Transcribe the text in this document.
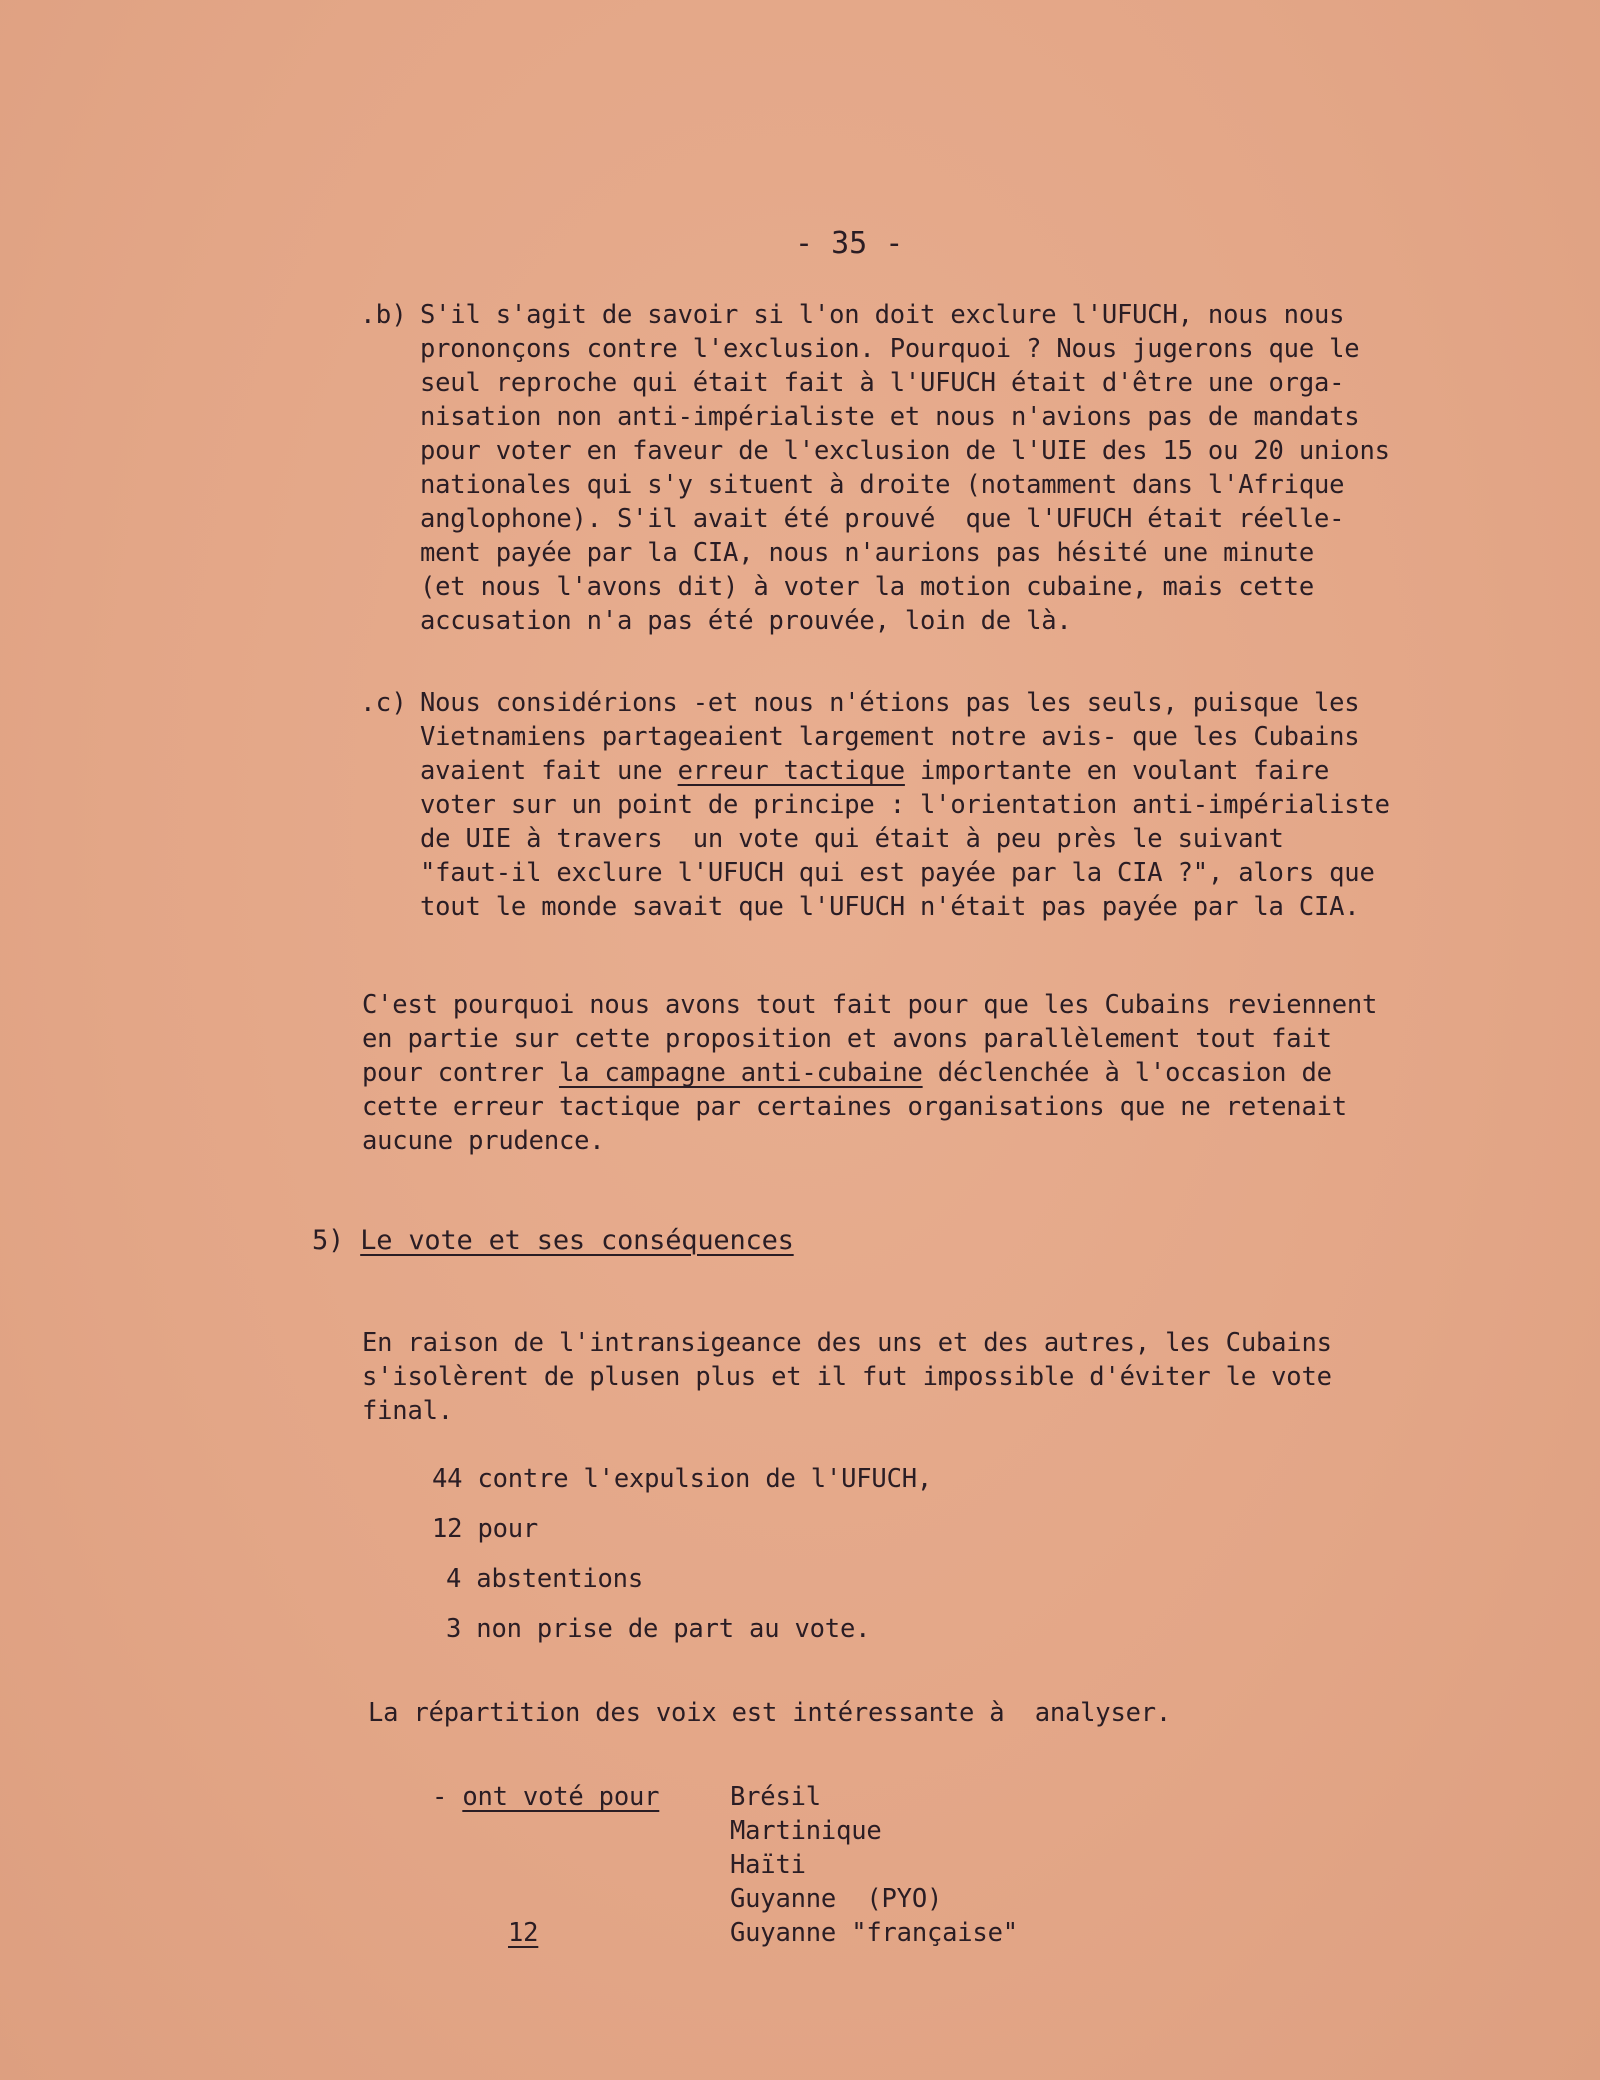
- 35 -
.b) S'il s'agit de savoir si l'on doit exclure l'UFUCH, nous nous
prononçons contre l'exclusion. Pourquoi ? Nous jugerons que le
seul reproche qui était fait à l'UFUCH était d'être une orga-
nisation non anti-impérialiste et nous n'avions pas de mandats
pour voter en faveur de l'exclusion de l'UIE des 15 ou 20 unions
nationales qui s'y situent à droite (notamment dans l'Afrique
anglophone). S'il avait été prouvé  que l'UFUCH était réelle-
ment payée par la CIA, nous n'aurions pas hésité une minute
(et nous l'avons dit) à voter la motion cubaine, mais cette
accusation n'a pas été prouvée, loin de là.
.c) Nous considérions -et nous n'étions pas les seuls, puisque les
Vietnamiens partageaient largement notre avis- que les Cubains
avaient fait une erreur tactique importante en voulant faire
voter sur un point de principe : l'orientation anti-impérialiste
de UIE à travers  un vote qui était à peu près le suivant
"faut-il exclure l'UFUCH qui est payée par la CIA ?", alors que
tout le monde savait que l'UFUCH n'était pas payée par la CIA.
C'est pourquoi nous avons tout fait pour que les Cubains reviennent
en partie sur cette proposition et avons parallèlement tout fait
pour contrer la campagne anti-cubaine déclenchée à l'occasion de
cette erreur tactique par certaines organisations que ne retenait
aucune prudence.
5) Le vote et ses conséquences
En raison de l'intransigeance des uns et des autres, les Cubains
s'isolèrent de plusen plus et il fut impossible d'éviter le vote
final.
44 contre l'expulsion de l'UFUCH,
12 pour
4 abstentions
3 non prise de part au vote.
La répartition des voix est intéressante à  analyser.
- ont voté pour
12
Brésil
Martinique
Haïti
Guyanne  (PYO)
Guyanne "française"
